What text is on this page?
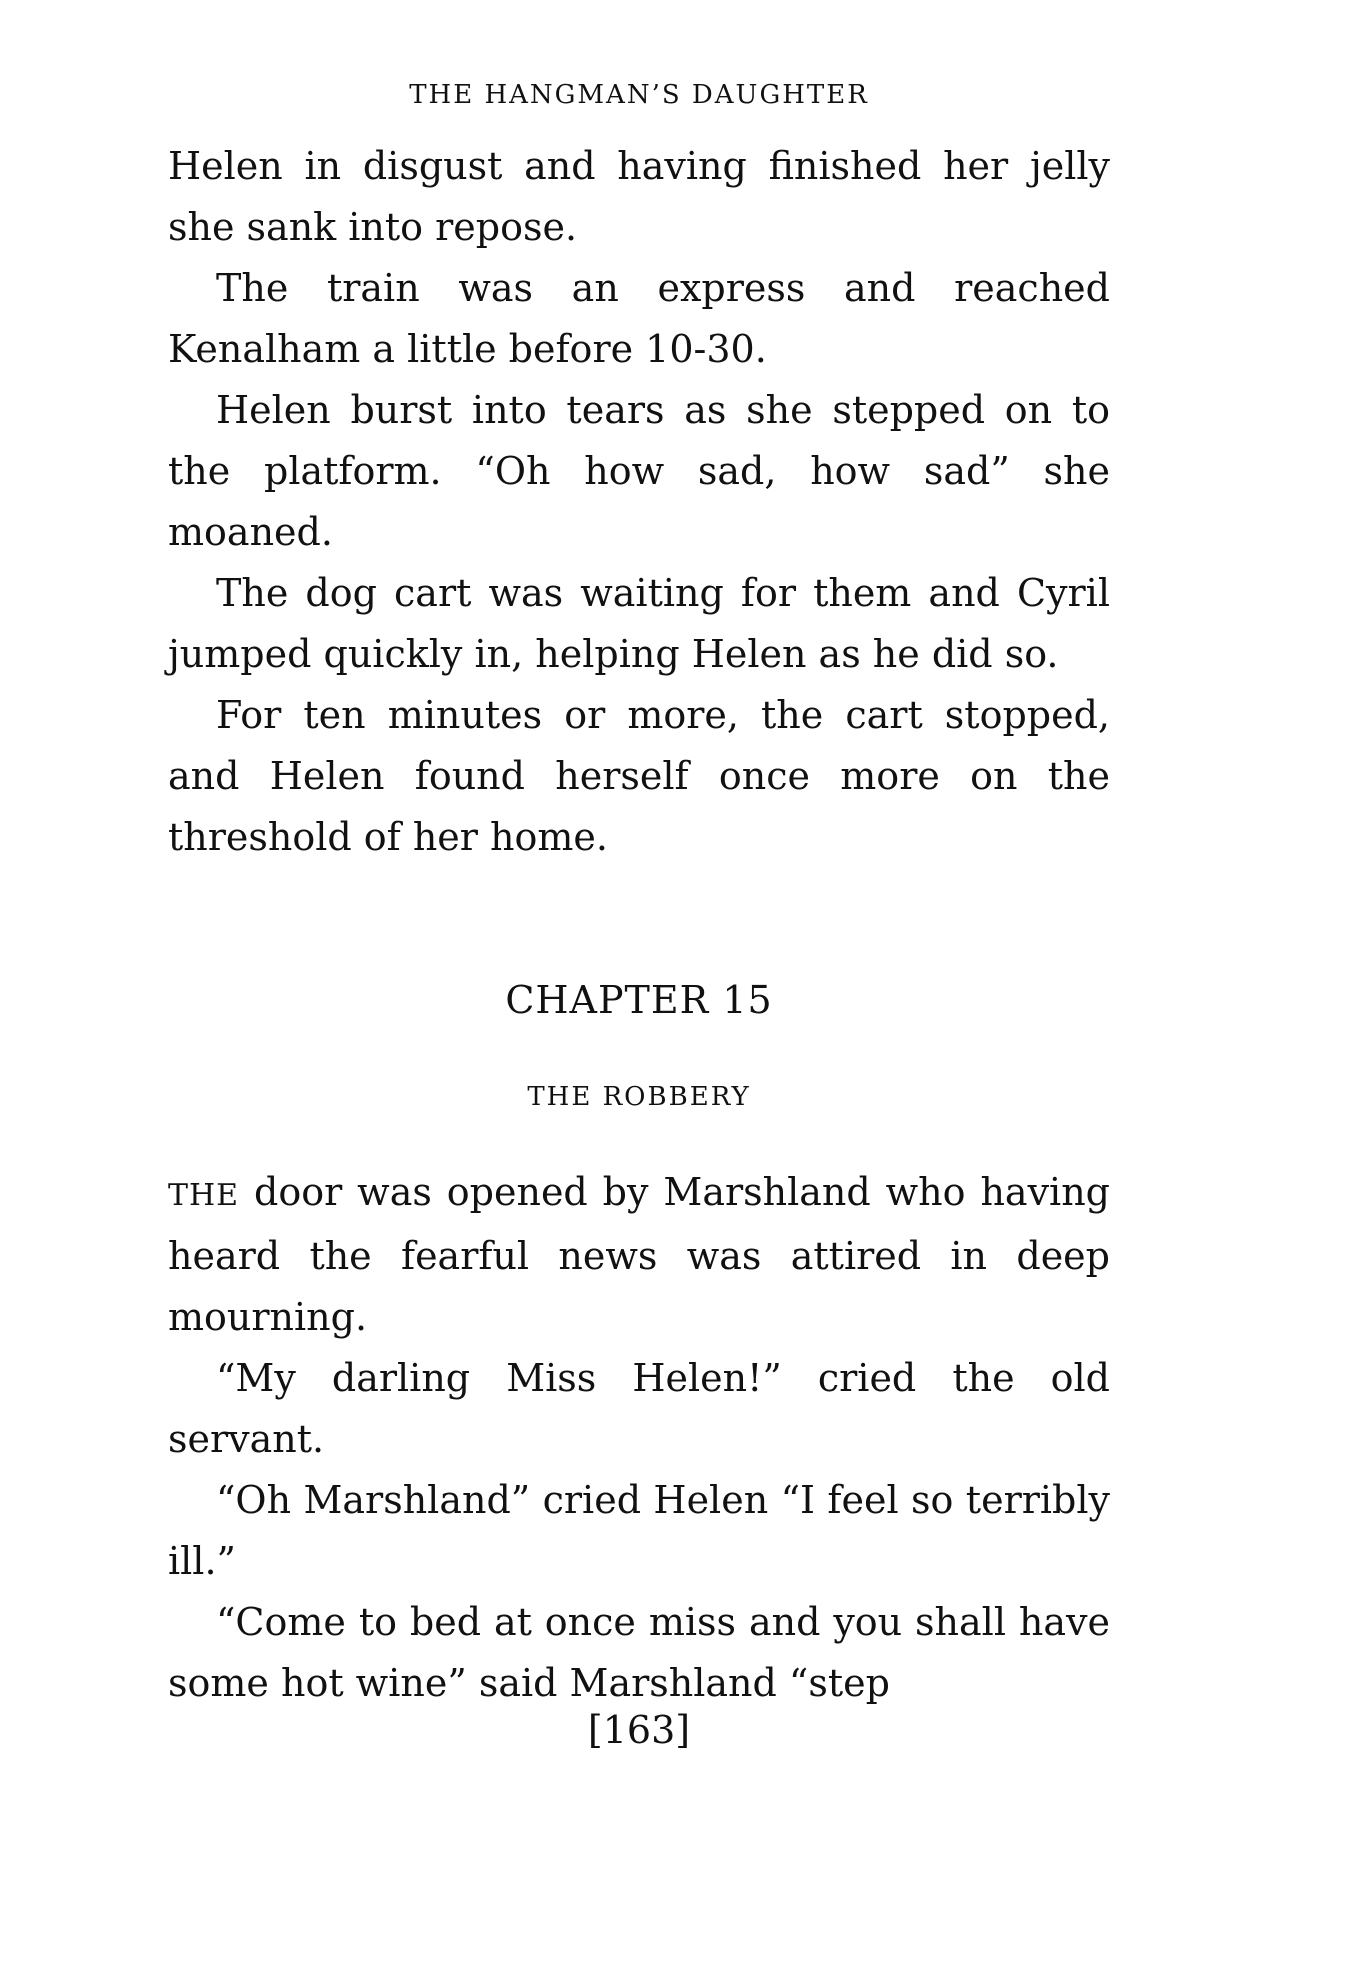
THE HANGMAN’S DAUGHTER

Helen in disgust and having finished her jelly she sank into repose.

The train was an express and reached Kenalham a little before 10-30.

Helen burst into tears as she stepped on to the platform. “Oh how sad, how sad” she moaned.

The dog cart was waiting for them and Cyril jumped quickly in, helping Helen as he did so.

For ten minutes or more, the cart stopped, and Helen found herself once more on the threshold of her home.

CHAPTER 15
THE ROBBERY

THE door was opened by Marshland who having heard the fearful news was attired in deep mourning.

“My darling Miss Helen!” cried the old servant.

“Oh Marshland” cried Helen “I feel so terribly ill.”

“Come to bed at once miss and you shall have some hot wine” said Marshland “step

[163]
